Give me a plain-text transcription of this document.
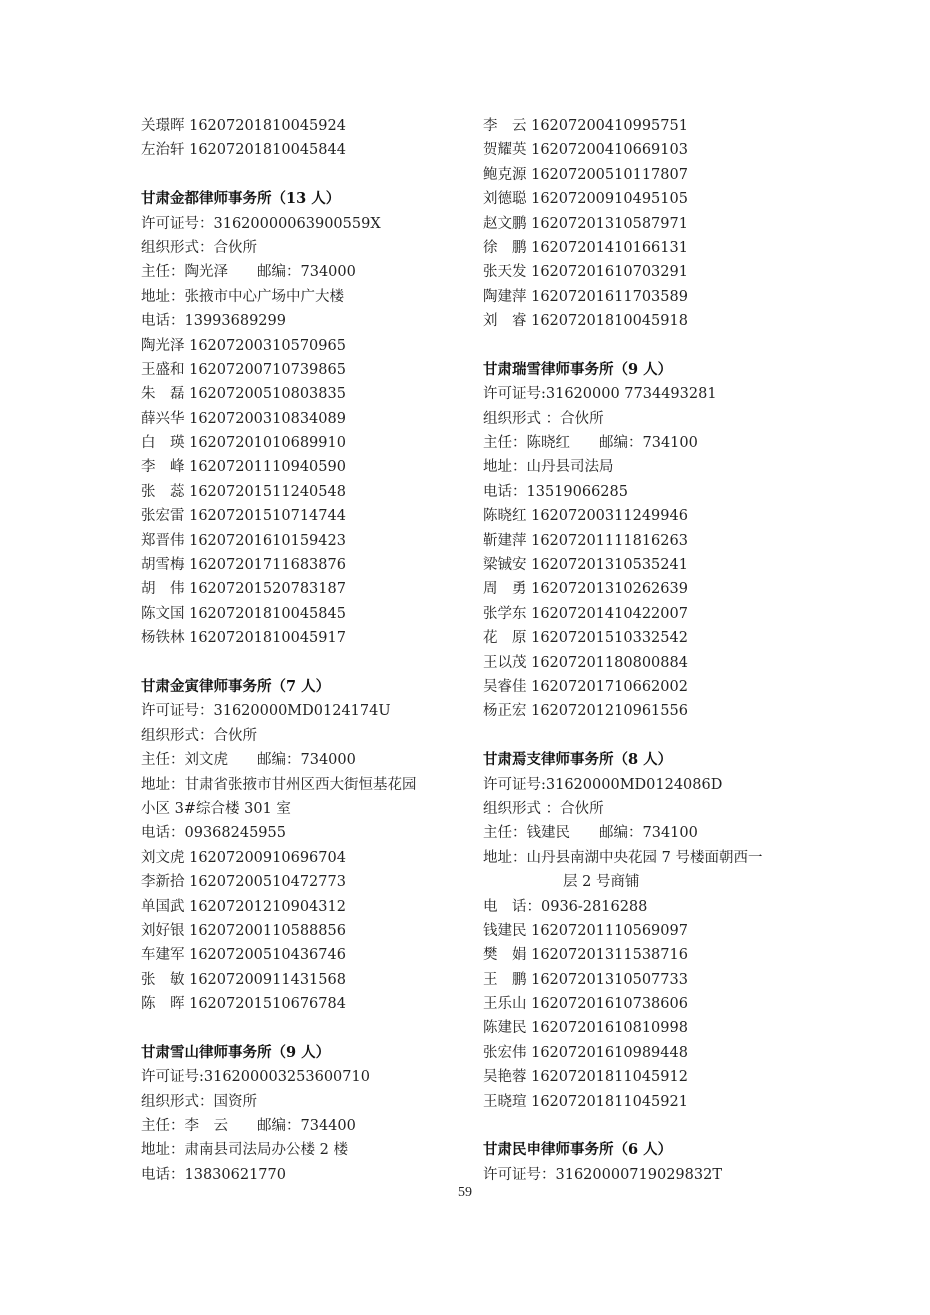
关璟晖 16207201810045924
左治轩 16207201810045844
甘肃金都律师事务所（13 人）
许可证号：31620000063900559X
组织形式：合伙所
主任：陶光泽　　邮编：734000
地址：张掖市中心广场中广大楼
电话：13993689299
陶光泽 16207200310570965
王盛和 16207200710739865
朱　磊 16207200510803835
薛兴华 16207200310834089
白　瑛 16207201010689910
李　峰 16207201110940590
张　蕊 16207201511240548
张宏雷 16207201510714744
郑晋伟 16207201610159423
胡雪梅 16207201711683876
胡　伟 16207201520783187
陈文国 16207201810045845
杨铁林 16207201810045917
甘肃金寅律师事务所（7 人）
许可证号：31620000MD0124174U
组织形式：合伙所
主任：刘文虎　　邮编：734000
地址：甘肃省张掖市甘州区西大街恒基花园
小区 3#综合楼 301 室
电话：09368245955
刘文虎 16207200910696704
李新拾 16207200510472773
单国武 16207201210904312
刘好银 16207200110588856
车建军 16207200510436746
张　敏 16207200911431568
陈　晖 16207201510676784
甘肃雪山律师事务所（9 人）
许可证号:316200003253600710
组织形式：国资所
主任：李　云　　邮编：734400
地址：肃南县司法局办公楼 2 楼
电话：13830621770
李　云 16207200410995751
贺耀英 16207200410669103
鲍克源 16207200510117807
刘德聪 16207200910495105
赵文鹏 16207201310587971
徐　鹏 16207201410166131
张天发 16207201610703291
陶建萍 16207201611703589
刘　睿 16207201810045918
甘肃瑞雪律师事务所（9 人）
许可证号:31620000 7734493281
组织形式 ：合伙所
主任：陈晓红　　邮编：734100
地址：山丹县司法局
电话：13519066285
陈晓红 16207200311249946
靳建萍 16207201111816263
梁铖安 16207201310535241
周　勇 16207201310262639
张学东 16207201410422007
花　原 16207201510332542
王以茂 16207201180800884
吴睿佳 16207201710662002
杨正宏 16207201210961556
甘肃焉支律师事务所（8 人）
许可证号:31620000MD0124086D
组织形式 ：合伙所
主任：钱建民　　邮编：734100
地址：山丹县南湖中央花园 7 号楼面朝西一
层 2 号商铺
电　话：0936-2816288
钱建民 16207201110569097
樊　娟 16207201311538716
王　鹏 16207201310507733
王乐山 16207201610738606
陈建民 16207201610810998
张宏伟 16207201610989448
吴艳蓉 16207201811045912
王晓瑄 16207201811045921
甘肃民申律师事务所（6 人）
许可证号：31620000719029832T
59
